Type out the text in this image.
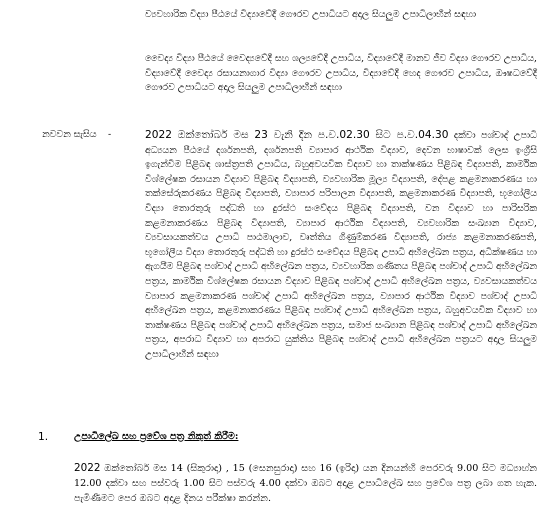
ව්‍යවහාරික විද්‍යා පීඨයේ විද්‍යාවේදී ගෞරව උපාධියට අදාල සියලුම උපාධිලාභීන් සඳහා

වෛද්‍ය විද්‍යා පීඨයේ වෛද්‍යවේදී සහ ශල්‍යවේදී උපාධිය, විද්‍යාවේදී මානව ජීව විද්‍යා ගෞරව උපාධිය, විද්‍යාවේදී වෛද්‍ය රසායනාගාර විද්‍යා ගෞරව උපාධිය, විද්‍යාවේදී හෙද ගෞරව උපාධිය, ඖෂධවේදී ගෞරව උපාධියට අදාල සියලුම උපාධිලාභීන් සඳහා

නවවන සැසිය -	2022 ඔක්තෝබර් මස 23 වැනි දින ප.ව.02.30 සිට ප.ව.04.30 දක්වා පශ්චාද් උපාධි අධ්‍යයන පීඨයේ දර්ශනපති, දර්ශනපති ව්‍යාපාර ආර්ථික විද්‍යාව, දෙවන භාෂාවක් ලෙස ඉංග්‍රීසි ඉගැන්වීම පිළිබඳ ශාස්ත්‍රපති උපාධිය, බහුඅවයවික විද්‍යාව හා තාක්ෂණය පිළිබඳ විද්‍යාපති, කාර්මික විශ්ලේෂක රසායන විද්‍යාව පිළිබඳ විද්‍යාපති, ව්‍යවහාරික මූල්‍ය විද්‍යාපති, දේපළ කළමනාකරණය හා තක්සේරුකරණය පිළිබඳ විද්‍යාපති, ව්‍යාපාර පරිපාලන විද්‍යාපති, කළමනාකරණ විද්‍යාපති, භූගෝලීය විද්‍යා තොරතුරු පද්ධති හා දුරස්ථ සංවේදය පිළිබඳ විද්‍යාපති, වන විද්‍යාව හා පාරිසරික කළමනාකරණය පිළිබඳ විද්‍යාපති, ව්‍යාපාර ආර්ථික විද්‍යාපති, ව්‍යවහාරික සංඛ්‍යාන විද්‍යාව, ව්‍යවසායකත්වය උපාධි පාඨමාලාව, වෘත්තිය ගිණුම්කරණ විද්‍යාපති, රාජ්‍ය කළමනාකරණපති, භූගෝලීය විද්‍යා තොරතුරු පද්ධති හා දුරස්ථ සංවේදය පිළිබඳ උපාධි අභිලේඛන පත්‍රය, අධීක්ෂණය හා ඇගයීම පිළිබඳ පශ්චාද් උපාධි අභිලේඛන පත්‍රය, ව්‍යවහාරික ගණිතය පිළිබඳ පශ්චාද් උපාධි අභිලේඛන පත්‍රය, කාර්මික විශ්ලේෂක රසායන විද්‍යාව පිළිබඳ පශ්චාද් උපාධි අභිලේඛන පත්‍රය, ව්‍යවසායකත්වය ව්‍යාපාර කළමනාකරණ පශ්චාද් උපාධි අභිලේඛන පත්‍රය, ව්‍යාපාර ආර්ථික විද්‍යාව පශ්චාද් උපාධි අභිලේඛන පත්‍රය, කළමනාකරණය පිළිබඳ පශ්චාද් උපාධි අභිලේඛන පත්‍රය, බහුඅවයවික විද්‍යාව හා තාක්ෂණය පිළිබඳ පශ්චාද් උපාධි අභිලේඛන පත්‍රය, සමාජ සංඛ්‍යාන පිළිබඳ පශ්චාද් උපාධි අභිලේඛන පත්‍රය, අපරාධ විද්‍යාව හා අපරාධ යුක්තිය පිළිබඳ පශ්චාද් උපාධි අභිලේඛන පත්‍රයට අදාල සියලුම උපාධිලාභීන් සඳහා

1.	උපාධිලේඛ සහ ප්‍රවේශ පත්‍ර නිකුත් කිරීම:

2022 ඔක්තෝබර් මස 14 (සිකුරාදා) , 15 (සෙනසුරාදා) සහ 16 (ඉරිදා) යන දිනයන්හි පෙරවරු 9.00 සිට මධ්‍යාහ්න 12.00 දක්වා සහ පස්වරු 1.00 සිට පස්වරු 4.00 දක්වා ඔබට අදාළ උපාධිලේඛ සහ ප්‍රවේශ පත්‍ර ලබා ගත හැක. පැමිණීමට පෙර ඔබට අදාළ දිනය පරීක්ෂා කරන්න.
